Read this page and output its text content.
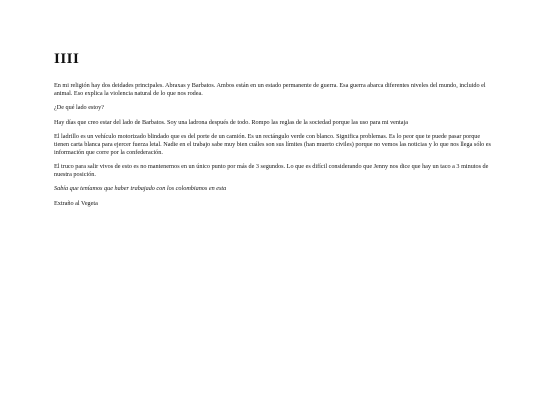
IIII

En mi religión hay dos deidades principales. Abraxas y Barbatos. Ambos están en un estado permanente de guerra. Esa guerra abarca diferentes niveles del mundo, incluido el animal. Eso explica la violencia natural de lo que nos rodea.

¿De qué lado estoy?

Hay días que creo estar del lado de Barbatos. Soy una ladrona después de todo. Rompo las reglas de la sociedad porque las uso para mi ventaja

El ladrillo es un vehículo motorizado blindado que es del porte de un camión. Es un rectángulo verde con blanco. Significa problemas. Es lo peor que te puede pasar porque tienen carta blanca para ejercer fuerza letal. Nadie en el trabajo sabe muy bien cuáles son sus límites (han muerto civiles) porque no vemos las noticias y lo que nos llega sólo es información que corre por la confederación.

El truco para salir vivos de esto es no mantenernos en un único punto por más de 3 segundos. Lo que es difícil considerando que Jenny nos dice que hay un taco a 3 minutos de nuestra posición.

Sabía que teníamos que haber trabajado con los colombianos en esta

Extraño al Vegeta
